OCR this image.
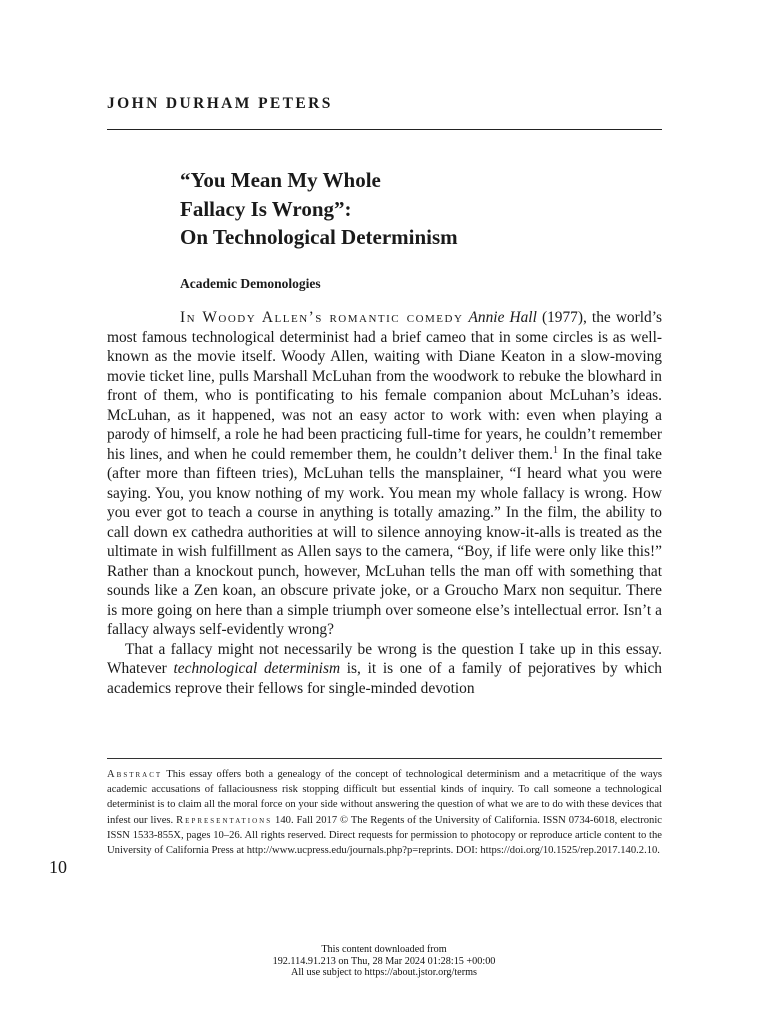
JOHN DURHAM PETERS
“You Mean My Whole
Fallacy Is Wrong”:
On Technological Determinism
Academic Demonologies

In Woody Allen’s romantic comedy Annie Hall (1977), the world’s most famous technological determinist had a brief cameo that in some circles is as well-known as the movie itself. Woody Allen, waiting with Diane Keaton in a slow-moving movie ticket line, pulls Marshall McLuhan from the woodwork to rebuke the blowhard in front of them, who is pontificating to his female companion about McLuhan’s ideas. McLuhan, as it happened, was not an easy actor to work with: even when playing a parody of himself, a role he had been practicing full-time for years, he couldn’t remember his lines, and when he could remember them, he couldn’t deliver them.$^1$ In the final take (after more than fifteen tries), McLuhan tells the mansplainer, “I heard what you were saying. You, you know nothing of my work. You mean my whole fallacy is wrong. How you ever got to teach a course in anything is totally amazing.” In the film, the ability to call down ex cathedra authorities at will to silence annoying know-it-alls is treated as the ultimate in wish fulfillment as Allen says to the camera, “Boy, if life were only like this!” Rather than a knockout punch, however, McLuhan tells the man off with something that sounds like a Zen koan, an obscure private joke, or a Groucho Marx non sequitur. There is more going on here than a simple triumph over someone else’s intellectual error. Isn’t a fallacy always self-evidently wrong?

That a fallacy might not necessarily be wrong is the question I take up in this essay. Whatever technological determinism is, it is one of a family of pejoratives by which academics reprove their fellows for single-minded devotion

Abstract This essay offers both a genealogy of the concept of technological determinism and a metacritique of the ways academic accusations of fallaciousness risk stopping difficult but essential kinds of inquiry. To call someone a technological determinist is to claim all the moral force on your side without answering the question of what we are to do with these devices that infest our lives. Representations 140. Fall 2017 © The Regents of the University of California. ISSN 0734-6018, electronic ISSN 1533-855X, pages 10–26. All rights reserved. Direct requests for permission to photocopy or reproduce article content to the University of California Press at http://www.ucpress.edu/journals.php?p=reprints. DOI: https://doi.org/10.1525/rep.2017.140.2.10.

10

This content downloaded from
192.114.91.213 on Thu, 28 Mar 2024 01:28:15 +00:00
All use subject to https://about.jstor.org/terms
